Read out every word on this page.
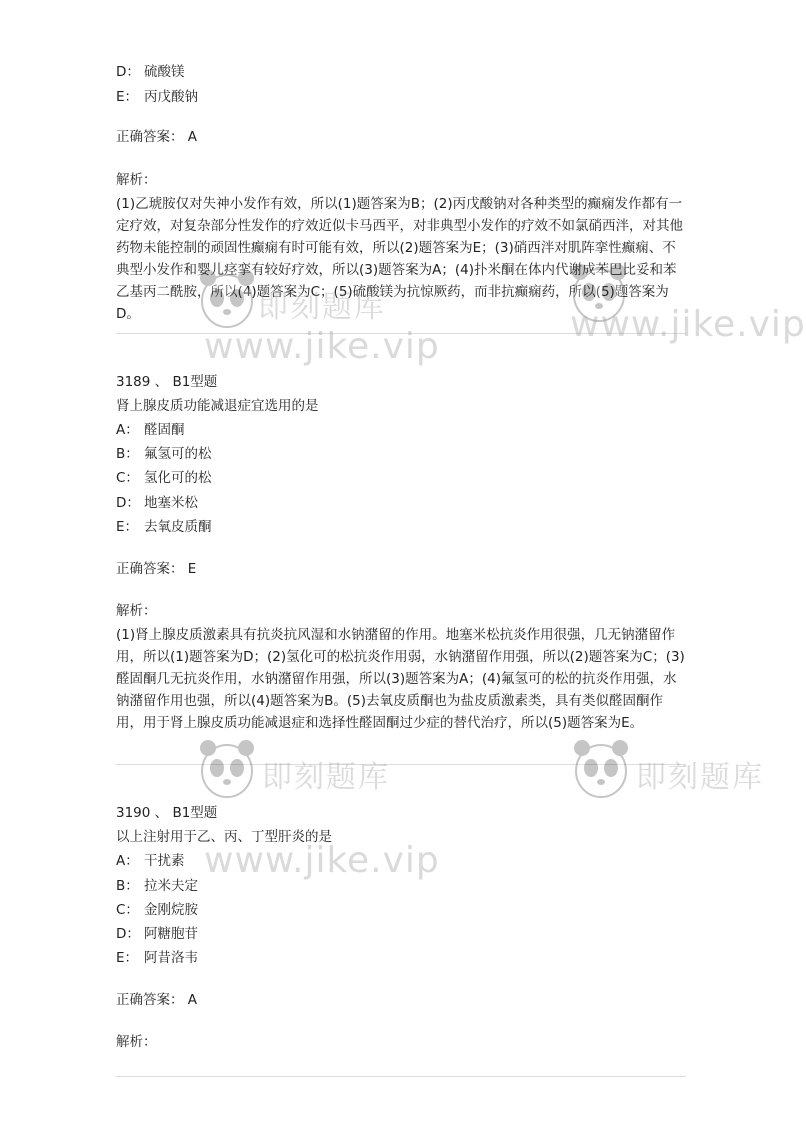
D： 硫酸镁
E： 丙戊酸钠
正确答案： A
解析：
(1)乙琥胺仅对失神小发作有效，所以(1)题答案为B；(2)丙戊酸钠对各种类型的癫痫发作都有一定疗效，对复杂部分性发作的疗效近似卡马西平，对非典型小发作的疗效不如氯硝西泮，对其他药物未能控制的顽固性癫痫有时可能有效，所以(2)题答案为E；(3)硝西泮对肌阵挛性癫痫、不典型小发作和婴儿痉挛有较好疗效，所以(3)题答案为A；(4)扑米酮在体内代谢成苯巴比妥和苯乙基丙二酰胺，所以(4)题答案为C；(5)硫酸镁为抗惊厥药，而非抗癫痫药，所以(5)题答案为D。
3189 、 B1型题
肾上腺皮质功能减退症宜选用的是
A： 醛固酮
B： 氟氢可的松
C： 氢化可的松
D： 地塞米松
E： 去氧皮质酮
正确答案： E
解析：
(1)肾上腺皮质激素具有抗炎抗风湿和水钠潴留的作用。地塞米松抗炎作用很强，几无钠潴留作用，所以(1)题答案为D；(2)氢化可的松抗炎作用弱，水钠潴留作用强，所以(2)题答案为C；(3)醛固酮几无抗炎作用，水钠潴留作用强，所以(3)题答案为A；(4)氟氢可的松的抗炎作用强，水钠潴留作用也强，所以(4)题答案为B。(5)去氧皮质酮也为盐皮质激素类，具有类似醛固酮作用，用于肾上腺皮质功能减退症和选择性醛固酮过少症的替代治疗，所以(5)题答案为E。
3190 、 B1型题
以上注射用于乙、丙、丁型肝炎的是
A： 干扰素
B： 拉米夫定
C： 金刚烷胺
D： 阿糖胞苷
E： 阿昔洛韦
正确答案： A
解析：
即刻题库
www.jike.vip
www.jike.vip
即刻题库
www.jike.vip
即刻题库
